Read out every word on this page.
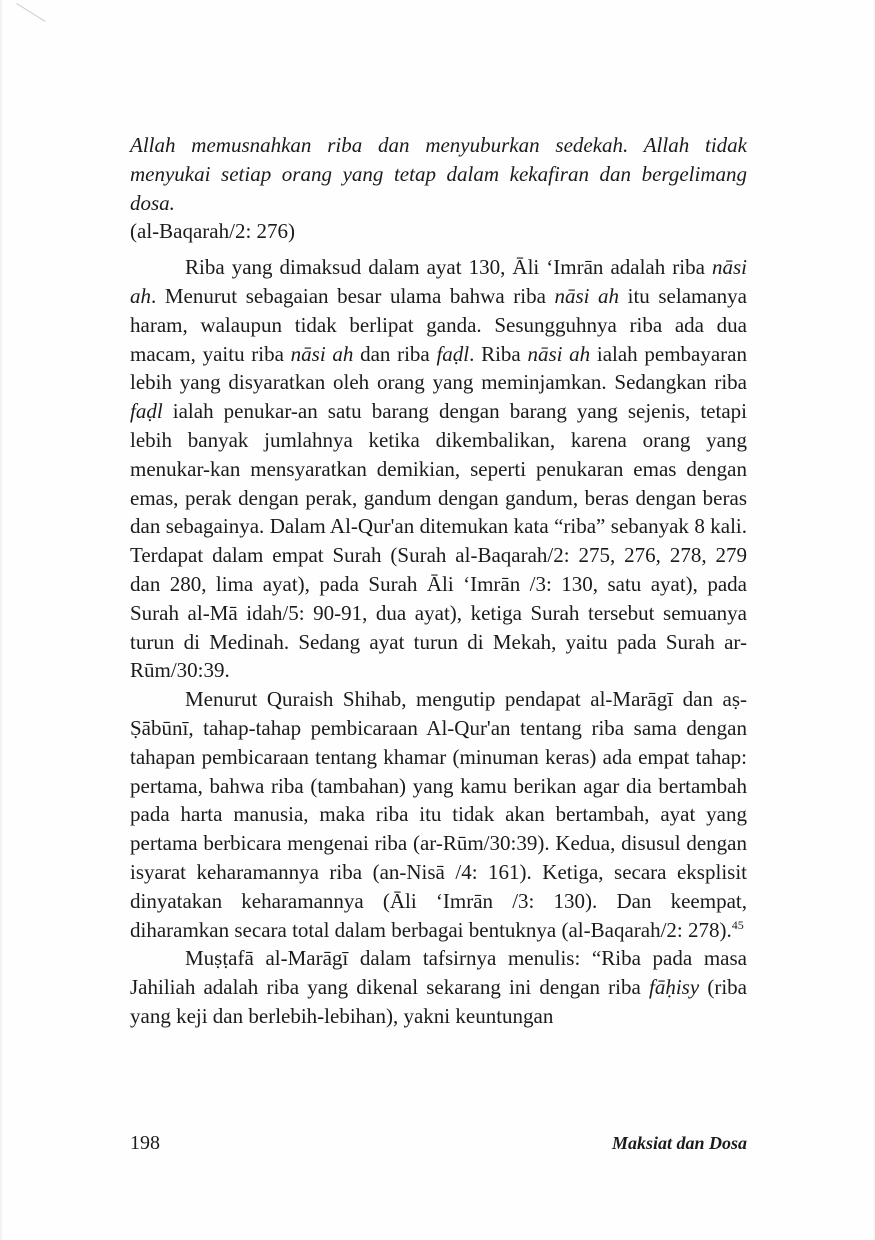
Allah memusnahkan riba dan menyuburkan sedekah. Allah tidak menyukai setiap orang yang tetap dalam kekafiran dan bergelimang dosa.

(al-Baqarah/2: 276)

Riba yang dimaksud dalam ayat 130, Āli ‘Imrān adalah riba nāsi ah. Menurut sebagaian besar ulama bahwa riba nāsi ah itu selamanya haram, walaupun tidak berlipat ganda. Sesungguhnya riba ada dua macam, yaitu riba nāsi ah dan riba faḍl. Riba nāsi ah ialah pembayaran lebih yang disyaratkan oleh orang yang meminjamkan. Sedangkan riba faḍl ialah penukar-an satu barang dengan barang yang sejenis, tetapi lebih banyak jumlahnya ketika dikembalikan, karena orang yang menukar-kan mensyaratkan demikian, seperti penukaran emas dengan emas, perak dengan perak, gandum dengan gandum, beras dengan beras dan sebagainya. Dalam Al-Qur'an ditemukan kata “riba” sebanyak 8 kali. Terdapat dalam empat Surah (Surah al-Baqarah/2: 275, 276, 278, 279 dan 280, lima ayat), pada Surah Āli ‘Imrān /3: 130, satu ayat), pada Surah al-Mā idah/5: 90-91, dua ayat), ketiga Surah tersebut semuanya turun di Medinah. Sedang ayat turun di Mekah, yaitu pada Surah ar-Rūm/30:39.

Menurut Quraish Shihab, mengutip pendapat al-Marāgī dan aṣ-Ṣābūnī, tahap-tahap pembicaraan Al-Qur'an tentang riba sama dengan tahapan pembicaraan tentang khamar (minuman keras) ada empat tahap: pertama, bahwa riba (tambahan) yang kamu berikan agar dia bertambah pada harta manusia, maka riba itu tidak akan bertambah, ayat yang pertama berbicara mengenai riba (ar-Rūm/30:39). Kedua, disusul dengan isyarat keharamannya riba (an-Nisā /4: 161). Ketiga, secara eksplisit dinyatakan keharamannya (Āli ‘Imrān /3: 130). Dan keempat, diharamkan secara total dalam berbagai bentuknya (al-Baqarah/2: 278).$^{45}$

Muṣṭafā al-Marāgī dalam tafsirnya menulis: “Riba pada masa Jahiliah adalah riba yang dikenal sekarang ini dengan riba fāḥisy (riba yang keji dan berlebih-lebihan), yakni keuntungan

198	Maksiat dan Dosa
